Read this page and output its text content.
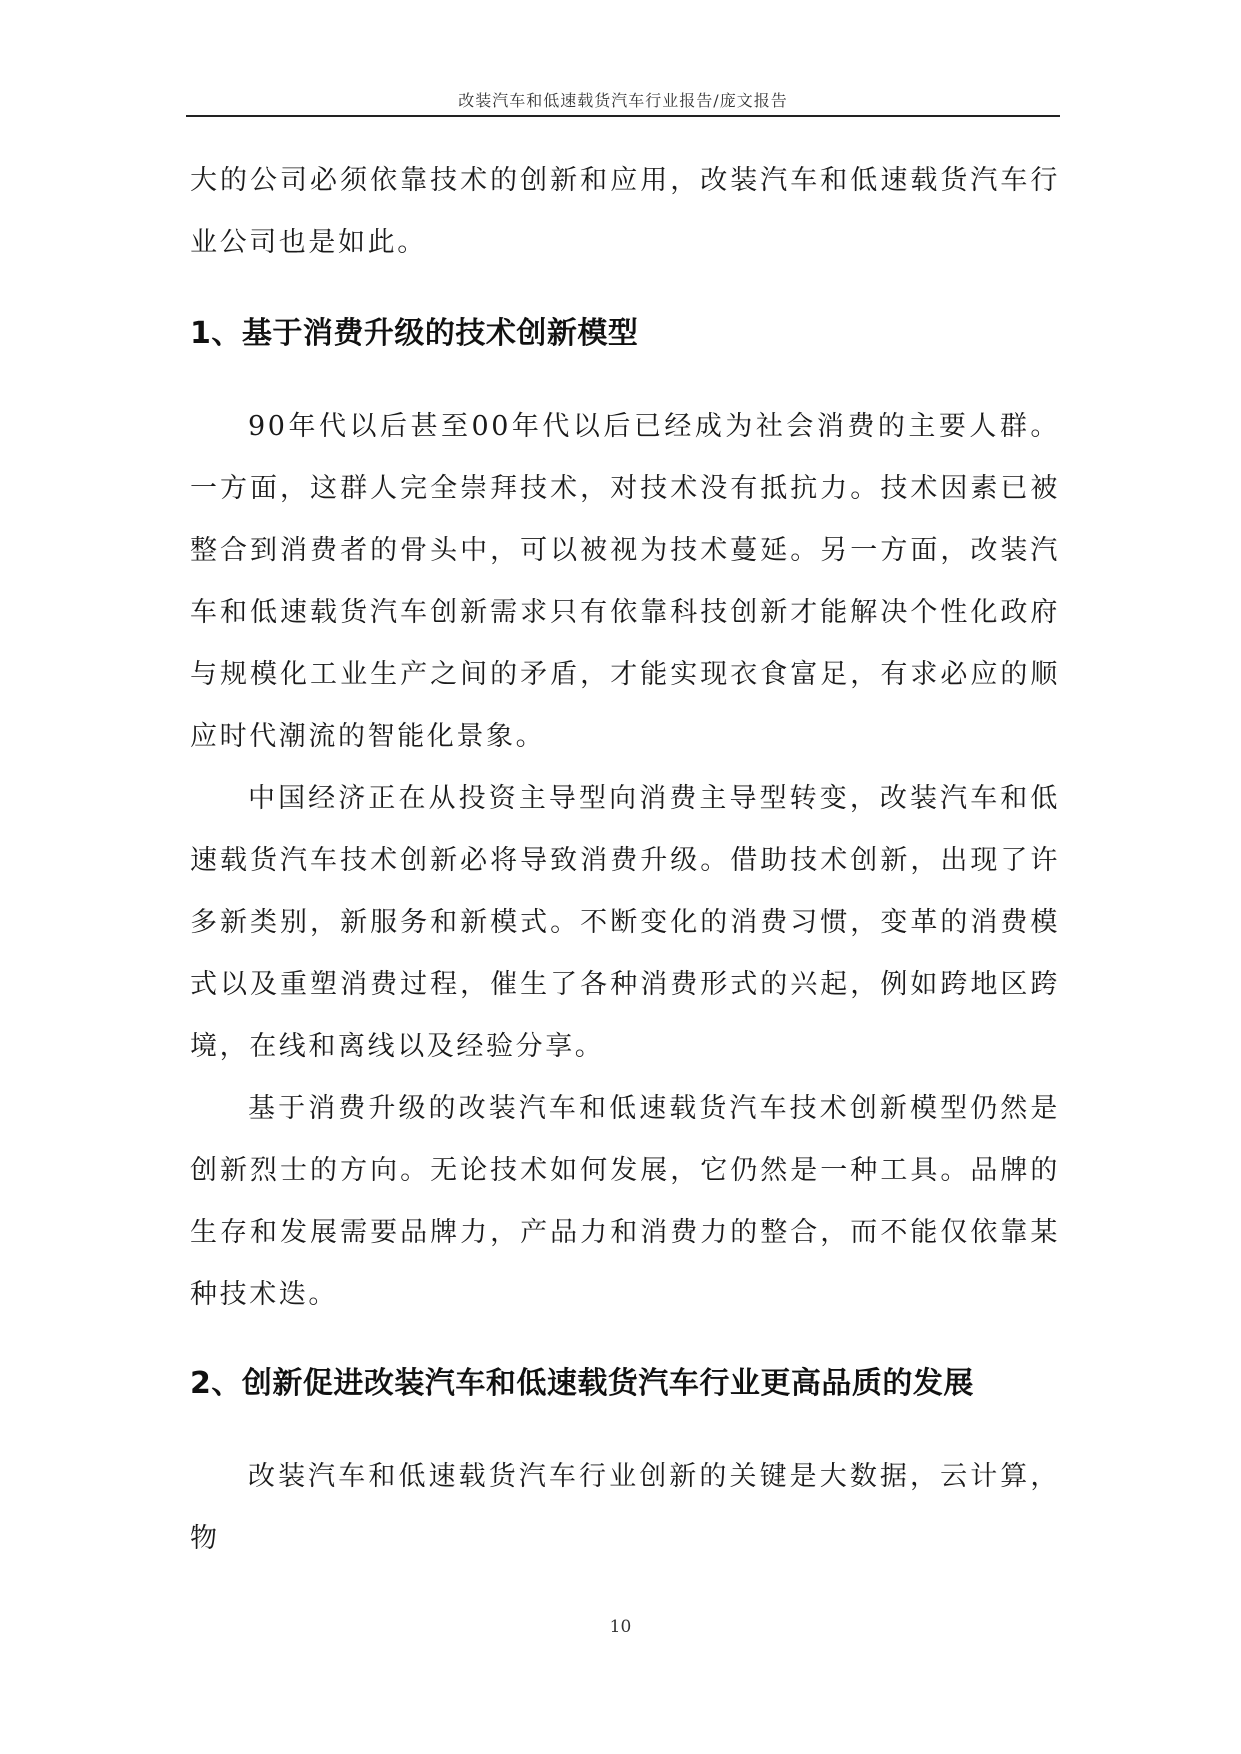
改装汽车和低速载货汽车行业报告/庞文报告

大的公司必须依靠技术的创新和应用，改装汽车和低速载货汽车行业公司也是如此。

1、基于消费升级的技术创新模型

90年代以后甚至00年代以后已经成为社会消费的主要人群。一方面，这群人完全崇拜技术，对技术没有抵抗力。技术因素已被整合到消费者的骨头中，可以被视为技术蔓延。另一方面，改装汽车和低速载货汽车创新需求只有依靠科技创新才能解决个性化政府与规模化工业生产之间的矛盾，才能实现衣食富足，有求必应的顺应时代潮流的智能化景象。

中国经济正在从投资主导型向消费主导型转变，改装汽车和低速载货汽车技术创新必将导致消费升级。借助技术创新，出现了许多新类别，新服务和新模式。不断变化的消费习惯，变革的消费模式以及重塑消费过程，催生了各种消费形式的兴起，例如跨地区跨境，在线和离线以及经验分享。

基于消费升级的改装汽车和低速载货汽车技术创新模型仍然是创新烈士的方向。无论技术如何发展，它仍然是一种工具。品牌的生存和发展需要品牌力，产品力和消费力的整合，而不能仅依靠某种技术迭。

2、创新促进改装汽车和低速载货汽车行业更高品质的发展

改装汽车和低速载货汽车行业创新的关键是大数据，云计算，物

10
